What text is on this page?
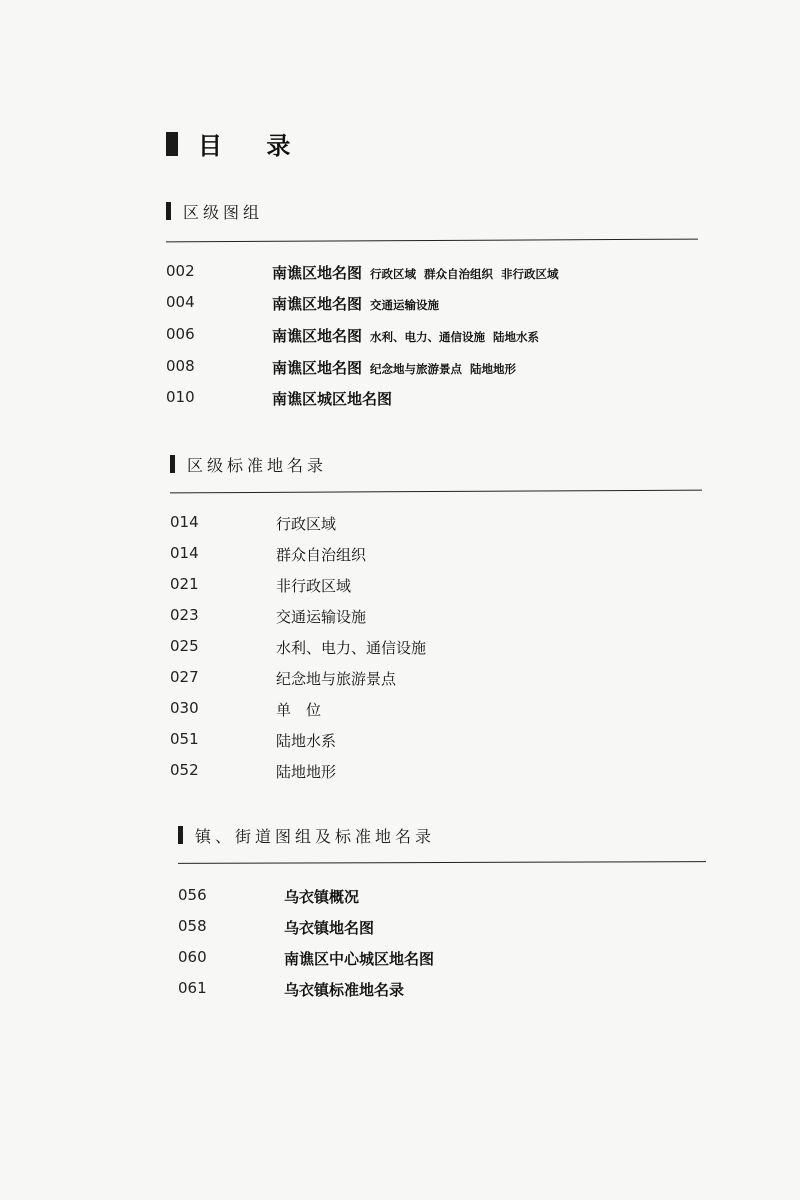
目 录
区级图组
002	南谯区地名图 行政区域 群众自治组织 非行政区域
004	南谯区地名图 交通运输设施
006	南谯区地名图 水利、电力、通信设施 陆地水系
008	南谯区地名图 纪念地与旅游景点 陆地地形
010	南谯区城区地名图
区级标准地名录
014	行政区域
014	群众自治组织
021	非行政区域
023	交通运输设施
025	水利、电力、通信设施
027	纪念地与旅游景点
030	单　位
051	陆地水系
052	陆地地形
镇、街道图组及标准地名录
056	乌衣镇概况
058	乌衣镇地名图
060	南谯区中心城区地名图
061	乌衣镇标准地名录
